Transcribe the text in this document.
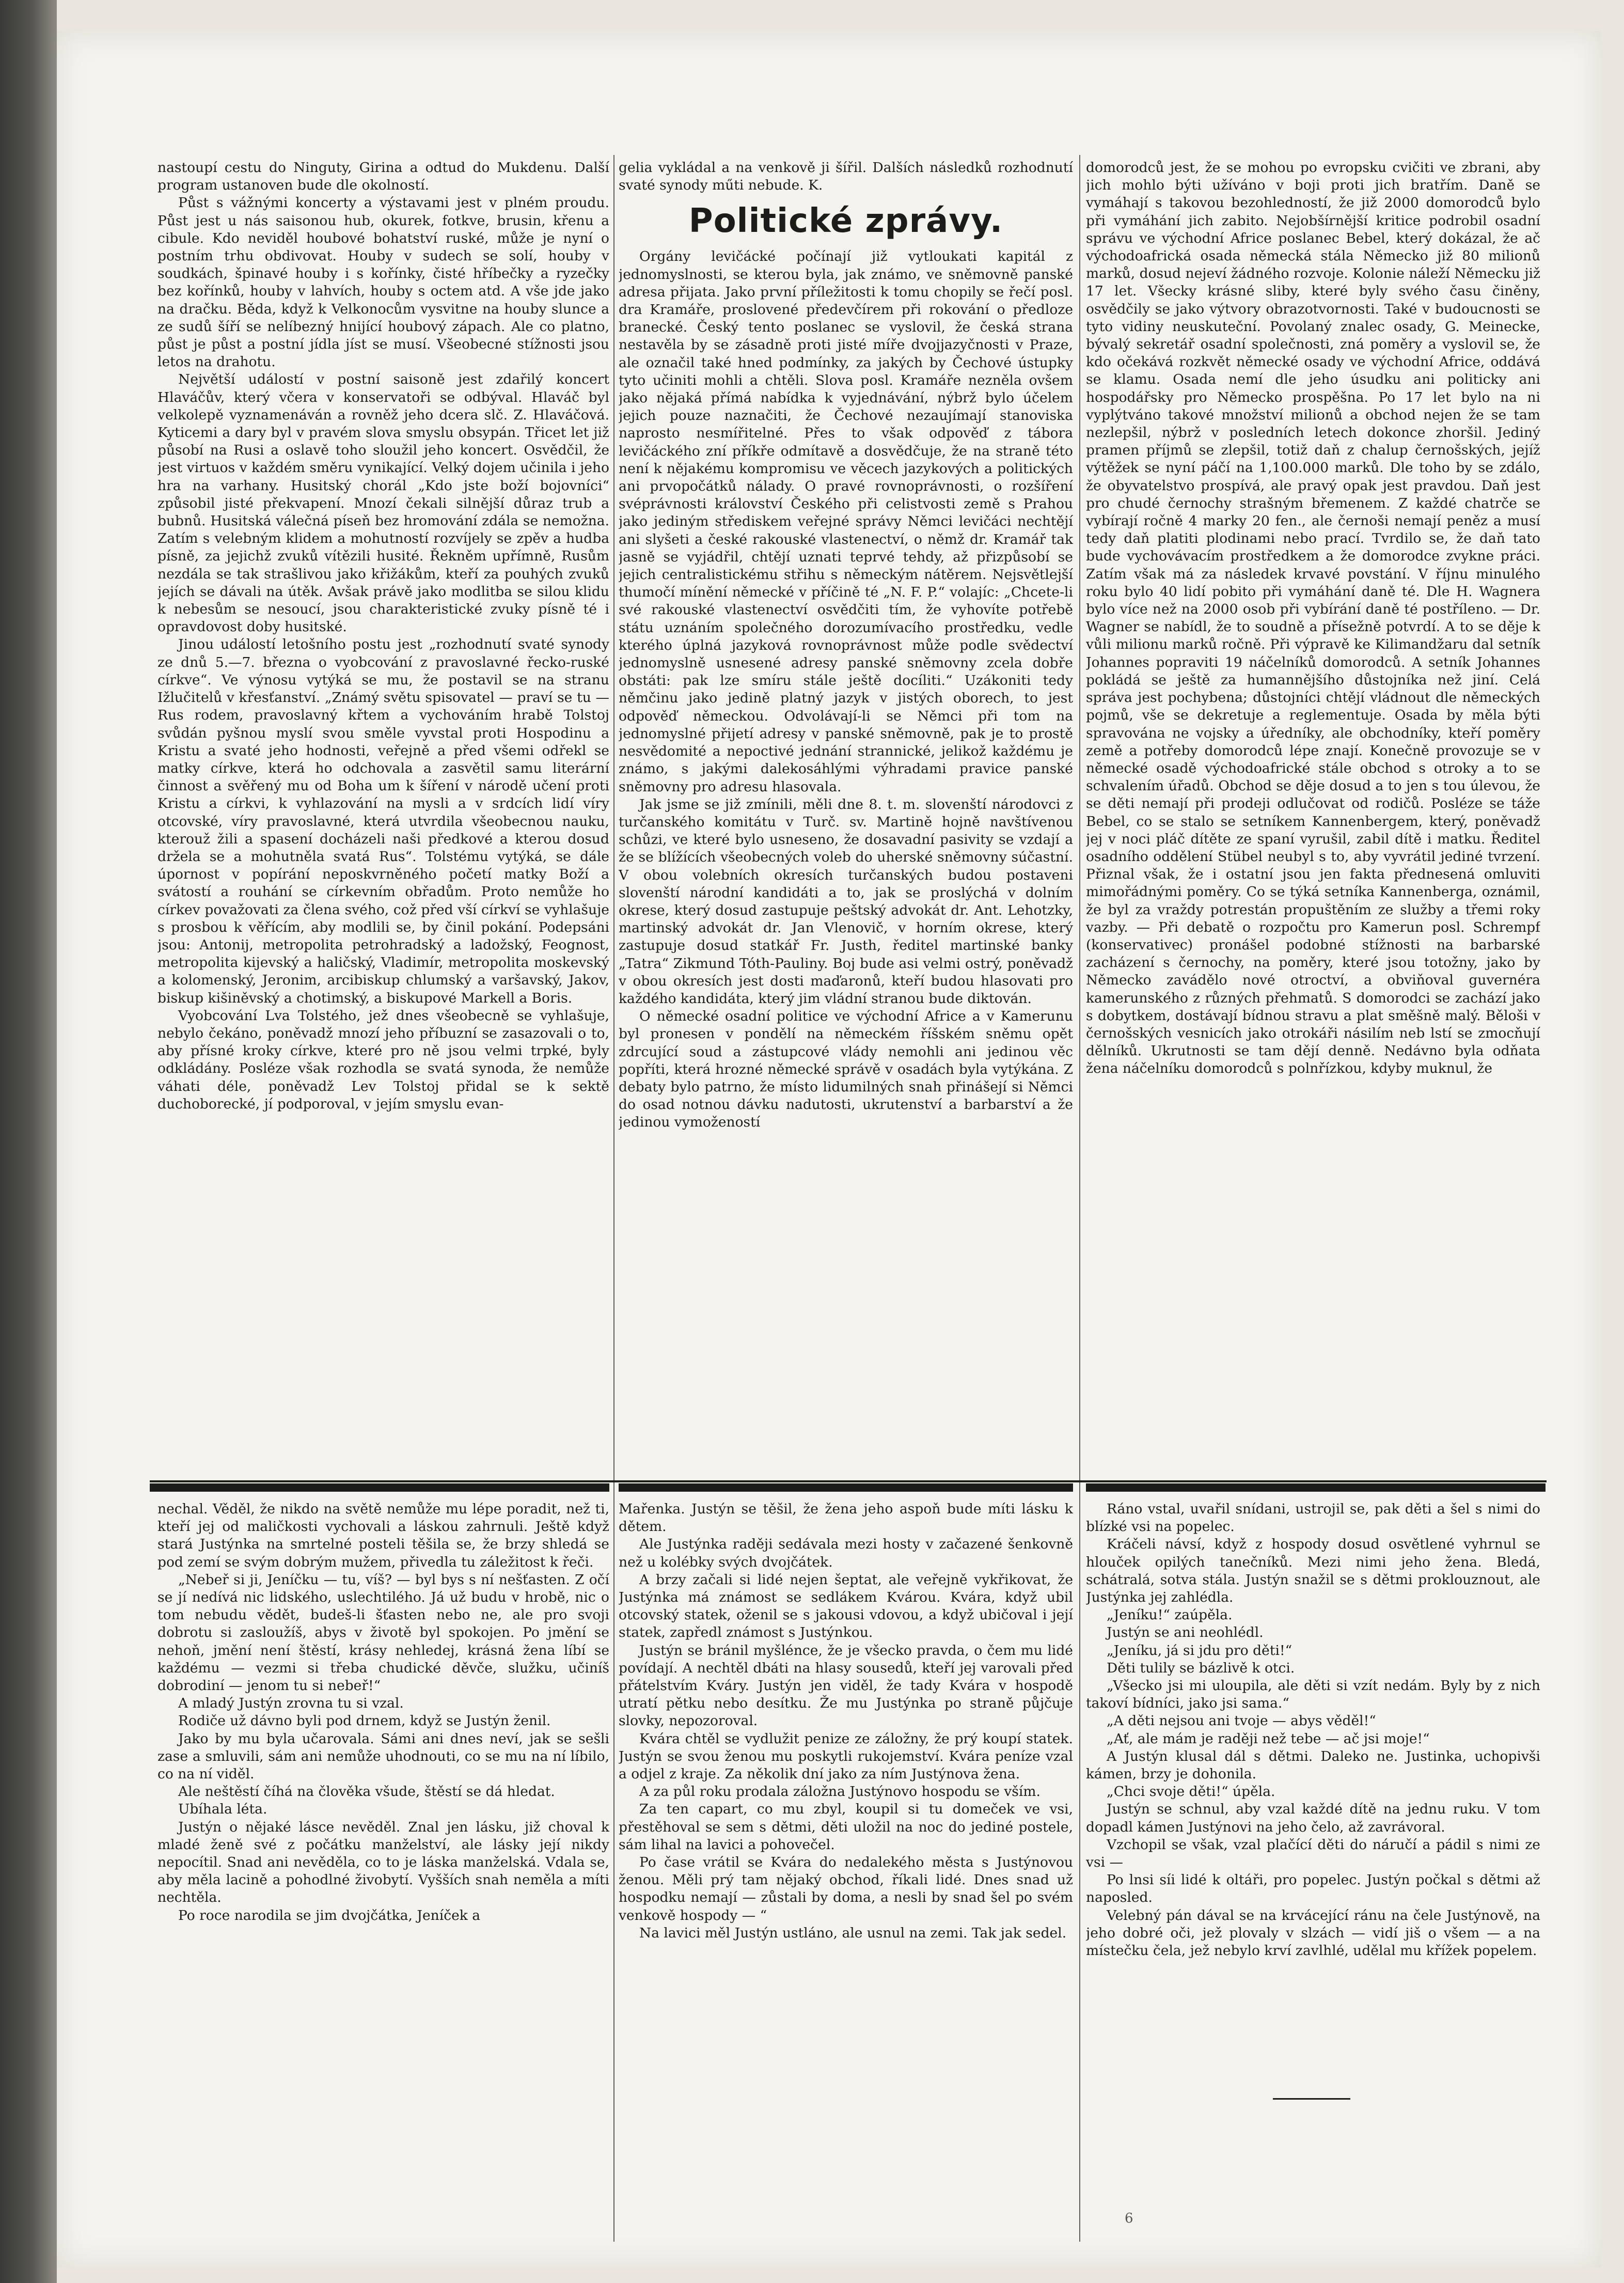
nastoupí cestu do Ninguty, Girina a odtud do Mukdenu. Další program ustanoven bude dle okolností.

Půst s vážnými koncerty a výstavami jest v plném proudu. Půst jest u nás saisonou hub, okurek, fotkve, brusin, křenu a cibule. Kdo neviděl houbové bohatství ruské, může je nyní o postním trhu obdivovat. Houby v sudech se solí, houby v soudkách, špinavé houby i s kořínky, čisté hříbečky a ryzečky bez kořínků, houby v lahvích, houby s octem atd. A vše jde jako na dračku. Běda, když k Velkonocům vysvitne na houby slunce a ze sudů šíří se nelíbezný hnijící houbový zápach. Ale co platno, půst je půst a postní jídla jíst se musí. Všeobecné stížnosti jsou letos na drahotu.

Největší událostí v postní saisoně jest zdařilý koncert Hlaváčův, který včera v konservatoři se odbýval. Hlaváč byl velkolepě vyznamenáván a rovněž jeho dcera slč. Z. Hlaváčová. Kyticemi a dary byl v pravém slova smyslu obsypán. Třicet let již působí na Rusi a oslavě toho sloužil jeho koncert. Osvědčil, že jest virtuos v každém směru vynikající. Velký dojem učinila i jeho hra na varhany. Husitský chorál „Kdo jste boží bojovníci“ způsobil jisté překvapení. Mnozí čekali silnější důraz trub a bubnů. Husitská válečná píseň bez hromování zdála se nemožna. Zatím s velebným klidem a mohutností rozvíjely se zpěv a hudba písně, za jejichž zvuků vítězili husité. Řekněm upřímně, Rusům nezdála se tak strašlivou jako křižákům, kteří za pouhých zvuků jejích se dávali na útěk. Avšak právě jako modlitba se silou klidu k nebesům se nesoucí, jsou charakteristické zvuky písně té i opravdovost doby husitské.

Jinou událostí letošního postu jest „rozhodnutí svaté synody ze dnů 5.—7. března o vyobcování z pravoslavné řecko-ruské církve“. Ve výnosu vytýká se mu, že postavil se na stranu Ižlučitelů v křesťanství. „Známý světu spisovatel — praví se tu — Rus rodem, pravoslavný křtem a vychováním hrabě Tolstoj svůdán pyšnou myslí svou směle vyvstal proti Hospodinu a Kristu a svaté jeho hodnosti, veřejně a před všemi odřekl se matky církve, která ho odchovala a zasvětil samu literární činnost a svěřený mu od Boha um k šíření v národě učení proti Kristu a církvi, k vyhlazování na mysli a v srdcích lidí víry otcovské, víry pravoslavné, která utvrdila všeobecnou nauku, kterouž žili a spasení docházeli naši předkové a kterou dosud držela se a mohutněla svatá Rus“. Tolstému vytýká, se dále úpornost v popírání neposkvrněného početí matky Boží a svátostí a rouhání se církevním obřadům. Proto nemůže ho církev považovati za člena svého, což před vší církví se vyhlašuje s prosbou k věřícím, aby modlili se, by činil pokání. Podepsáni jsou: Antonij, metropolita petrohradský a ladožský, Feognost, metropolita kijevský a haličský, Vladimír, metropolita moskevský a kolomenský, Jeronim, arcibiskup chlumský a varšavský, Jakov, biskup kišiněvský a chotimský, a biskupové Markell a Boris.

Vyobcování Lva Tolstého, jež dnes všeobecně se vyhlašuje, nebylo čekáno, poněvadž mnozí jeho příbuzní se zasazovali o to, aby přísné kroky církve, které pro ně jsou velmi trpké, byly odkládány. Posléze však rozhodla se svatá synoda, že nemůže váhati déle, poněvadž Lev Tolstoj přidal se k sektě duchoborecké, jí podporoval, v jejím smyslu evan-

gelia vykládal a na venkově ji šířil. Dalších následků rozhodnutí svaté synody műti nebude. K.

Politické zprávy.

Orgány levičácké počínají již vytloukati kapitál z jednomyslnosti, se kterou byla, jak známo, ve sněmovně panské adresa přijata. Jako první příležitosti k tomu chopily se řečí posl. dra Kramáře, proslovené předevčírem při rokování o předloze branecké. Český tento poslanec se vyslovil, že česká strana nestavěla by se zásadně proti jisté míře dvojjazyčnosti v Praze, ale označil také hned podmínky, za jakých by Čechové ústupky tyto učiniti mohli a chtěli. Slova posl. Kramáře nezněla ovšem jako nějaká přímá nabídka k vyjednávání, nýbrž bylo účelem jejich pouze naznačiti, že Čechové nezaujímají stanoviska naprosto nesmířitelné. Přes to však odpověď z tábora levičáckého zní příkře odmítavě a dosvědčuje, že na straně této není k nějakému kompromisu ve věcech jazykových a politických ani prvopočátků nálady. O pravé rovnoprávnosti, o rozšíření svéprávnosti království Českého při celistvosti země s Prahou jako jediným střediskem veřejné správy Němci levičáci nechtějí ani slyšeti a české rakouské vlastenectví, o němž dr. Kramář tak jasně se vyjádřil, chtějí uznati teprvé tehdy, až přizpůsobí se jejich centralistickému střihu s německým nátěrem. Nejsvětlejší thumočí mínění německé v příčině té „N. F. P.“ volajíc: „Chcete-li své rakouské vlastenectví osvědčiti tím, že vyhovíte potřebě státu uznáním společného dorozumívacího prostředku, vedle kterého úplná jazyková rovnoprávnost může podle svědectví jednomyslně usnesené adresy panské sněmovny zcela dobře obstáti: pak lze smíru stále ještě docíliti.“ Uzákoniti tedy němčinu jako jedině platný jazyk v jistých oborech, to jest odpověď německou. Odvolávají-li se Němci při tom na jednomyslné přijetí adresy v panské sněmovně, pak je to prostě nesvědomité a nepoctivé jednání strannické, jelikož každému je známo, s jakými dalekosáhlými výhradami pravice panské sněmovny pro adresu hlasovala.

Jak jsme se již zmínili, měli dne 8. t. m. slovenští národovci z turčanského komitátu v Turč. sv. Martině hojně navštívenou schůzi, ve které bylo usneseno, že dosavadní pasivity se vzdají a že se blížících všeobecných voleb do uherské sněmovny súčastní. V obou volebních okresích turčanských budou postaveni slovenští národní kandidáti a to, jak se proslýchá v dolním okrese, který dosud zastupuje peštský advokát dr. Ant. Lehotzky, martinský advokát dr. Jan Vlenovič, v horním okrese, který zastupuje dosud statkář Fr. Justh, ředitel martinské banky „Tatra“ Zikmund Tóth-Pauliny. Boj bude asi velmi ostrý, poněvadž v obou okresích jest dosti maďaronů, kteří budou hlasovati pro každého kandidáta, který jim vládní stranou bude diktován.

O německé osadní politice ve východní Africe a v Kamerunu byl pronesen v pondělí na německém říšském sněmu opět zdrcující soud a zástupcové vlády nemohli ani jedinou věc popříti, která hrozné německé správě v osadách byla vytýkána. Z debaty bylo patrno, že místo lidumilných snah přinášejí si Němci do osad notnou dávku nadutosti, ukrutenství a barbarství a že jedinou vymožeností

domorodců jest, že se mohou po evropsku cvičiti ve zbrani, aby jich mohlo býti užíváno v boji proti jich bratřím. Daně se vymáhají s takovou bezohledností, že již 2000 domorodců bylo při vymáhání jich zabito. Nejobšírnější kritice podrobil osadní správu ve východní Africe poslanec Bebel, který dokázal, že ač východoafrická osada německá stála Německo již 80 milionů marků, dosud nejeví žádného rozvoje. Kolonie náleží Německu již 17 let. Všecky krásné sliby, které byly svého času činěny, osvědčily se jako výtvory obrazotvornosti. Také v budoucnosti se tyto vidiny neuskuteční. Povolaný znalec osady, G. Meinecke, bývalý sekretář osadní společnosti, zná poměry a vyslovil se, že kdo očekává rozkvět německé osady ve východní Africe, oddává se klamu. Osada nemí dle jeho úsudku ani politicky ani hospodářsky pro Německo prospěšna. Po 17 let bylo na ni vyplýtváno takové množství milionů a obchod nejen že se tam nezlepšil, nýbrž v posledních letech dokonce zhoršil. Jediný pramen příjmů se zlepšil, totiž daň z chalup černošských, jejíž výtěžek se nyní páčí na 1,100.000 marků. Dle toho by se zdálo, že obyvatelstvo prospívá, ale pravý opak jest pravdou. Daň jest pro chudé černochy strašným břemenem. Z každé chatrče se vybírají ročně 4 marky 20 fen., ale černoši nemají peněz a musí tedy daň platiti plodinami nebo prací. Tvrdilo se, že daň tato bude vychovávacím prostředkem a že domorodce zvykne práci. Zatím však má za následek krvavé povstání. V říjnu minulého roku bylo 40 lidí pobito při vymáhání daně té. Dle H. Wagnera bylo více než na 2000 osob při vybírání daně té postříleno. — Dr. Wagner se nabídl, že to soudně a přísežně potvrdí. A to se děje k vůli milionu marků ročně. Při výpravě ke Kilimandžaru dal setník Johannes popraviti 19 náčelníků domorodců. A setník Johannes pokládá se ještě za humannějšího důstojníka než jiní. Celá správa jest pochybena; důstojníci chtějí vládnout dle německých pojmů, vše se dekretuje a reglementuje. Osada by měla býti spravována ne vojsky a úředníky, ale obchodníky, kteří poměry země a potřeby domorodců lépe znají. Konečně provozuje se v německé osadě východoafrické stále obchod s otroky a to se schvalením úřadů. Obchod se děje dosud a to jen s tou úlevou, že se děti nemají při prodeji odlučovat od rodičů. Posléze se táže Bebel, co se stalo se setníkem Kannenbergem, který, poněvadž jej v noci pláč dítěte ze spaní vyrušil, zabil dítě i matku. Ředitel osadního oddělení Stübel neubyl s to, aby vyvrátil jediné tvrzení. Přiznal však, že i ostatní jsou jen fakta přednesená omluviti mimořádnými poměry. Co se týká setníka Kannenberga, oznámil, že byl za vraždy potrestán propuštěním ze služby a třemi roky vazby. — Při debatě o rozpočtu pro Kamerun posl. Schrempf (konservativec) pronášel podobné stížnosti na barbarské zacházení s černochy, na poměry, které jsou totožny, jako by Německo zavádělo nové otroctví, a obviňoval guvernéra kamerunského z různých přehmatů. S domorodci se zachází jako s dobytkem, dostávají bídnou stravu a plat směšně malý. Běloši v černošských vesnicích jako otrokáři násilím neb lstí se zmocňují dělníků. Ukrutnosti se tam dějí denně. Nedávno byla odňata žena náčelníku domorodců s polnřízkou, kdyby muknul, že

nechal. Věděl, že nikdo na světě nemůže mu lépe poradit, než ti, kteří jej od maličkosti vychovali a láskou zahrnuli. Ještě když stará Justýnka na smrtelné posteli těšila se, že brzy shledá se pod zemí se svým dobrým mužem, přivedla tu záležitost k řeči.

„Nebeř si ji, Jeníčku — tu, víš? — byl bys s ní nešťasten. Z očí se jí nedívá nic lidského, uslechtilého. Já už budu v hrobě, nic o tom nebudu vědět, budeš-li šťasten nebo ne, ale pro svoji dobrotu si zasloužíš, abys v životě byl spokojen. Po jmění se nehoň, jmění není štěstí, krásy nehledej, krásná žena líbí se každému — vezmi si třeba chudické děvče, služku, učiníš dobrodiní — jenom tu si nebeř!“

A mladý Justýn zrovna tu si vzal.

Rodiče už dávno byli pod drnem, když se Justýn ženil.

Jako by mu byla učarovala. Sámi ani dnes neví, jak se sešli zase a smluvili, sám ani nemůže uhodnouti, co se mu na ní líbilo, co na ní viděl.

Ale neštěstí číhá na člověka všude, štěstí se dá hledat.

Ubíhala léta.

Justýn o nějaké lásce nevěděl. Znal jen lásku, již choval k mladé ženě své z počátku manželství, ale lásky její nikdy nepocítil. Snad ani nevěděla, co to je láska manželská. Vdala se, aby měla lacině a pohodlné živobytí. Vyšších snah neměla a míti nechtěla.

Po roce narodila se jim dvojčátka, Jeníček a

Mařenka. Justýn se těšil, že žena jeho aspoň bude míti lásku k dětem.

Ale Justýnka raději sedávala mezi hosty v začazené šenkovně než u kolébky svých dvojčátek.

A brzy začali si lidé nejen šeptat, ale veřejně vykřikovat, že Justýnka má známost se sedlákem Kvárou. Kvára, když ubil otcovský statek, oženil se s jakousi vdovou, a když ubičoval i její statek, zapředl známost s Justýnkou.

Justýn se bránil myšlénce, že je všecko pravda, o čem mu lidé povídají. A nechtěl dbáti na hlasy sousedů, kteří jej varovali před přátelstvím Kváry. Justýn jen viděl, že tady Kvára v hospodě utratí pětku nebo desítku. Že mu Justýnka po straně půjčuje slovky, nepozoroval.

Kvára chtěl se vydlužit penize ze záložny, že prý koupí statek. Justýn se svou ženou mu poskytli rukojemství. Kvára peníze vzal a odjel z kraje. Za několik dní jako za ním Justýnova žena.

A za půl roku prodala záložna Justýnovo hospodu se vším.

Za ten capart, co mu zbyl, koupil si tu domeček ve vsi, přestěhoval se sem s dětmi, děti uložil na noc do jediné postele, sám lihal na lavici a pohovečel.

Po čase vrátil se Kvára do nedalekého města s Justýnovou ženou. Měli prý tam nějaký obchod, říkali lidé. Dnes snad už hospodku nemají — zůstali by doma, a nesli by snad šel po svém venkově hospody — “

Na lavici měl Justýn ustláno, ale usnul na zemi. Tak jak sedel.

Ráno vstal, uvařil snídani, ustrojil se, pak děti a šel s nimi do blízké vsi na popelec.

Kráčeli návsí, když z hospody dosud osvětlené vyhrnul se hlouček opilých tanečníků. Mezi nimi jeho žena. Bledá, schátralá, sotva stála. Justýn snažil se s dětmi proklouznout, ale Justýnka jej zahlédla.

„Jeníku!“ zaúpěla.

Justýn se ani neohlédl.

„Jeníku, já si jdu pro děti!“

Děti tulily se bázlivě k otci.

„Všecko jsi mi uloupila, ale děti si vzít nedám. Byly by z nich takoví bídníci, jako jsi sama.“

„A děti nejsou ani tvoje — abys věděl!“

„Ať, ale mám je raději než tebe — ač jsi moje!“

A Justýn klusal dál s dětmi. Daleko ne. Justinka, uchopivši kámen, brzy je dohonila.

„Chci svoje děti!“ úpěla.

Justýn se schnul, aby vzal každé dítě na jednu ruku. V tom dopadl kámen Justýnovi na jeho čelo, až zavrávoral.

Vzchopil se však, vzal plačící děti do náručí a pádil s nimi ze vsi —

Po lnsi síi lidé k oltáři, pro popelec. Justýn počkal s dětmi až naposled.

Velebný pán dával se na krvácející ránu na čele Justýnově, na jeho dobré oči, jež plovaly v slzách — vidí jiš o všem — a na místečku čela, jež nebylo krví zavlhlé, udělal mu křížek popelem.

6
